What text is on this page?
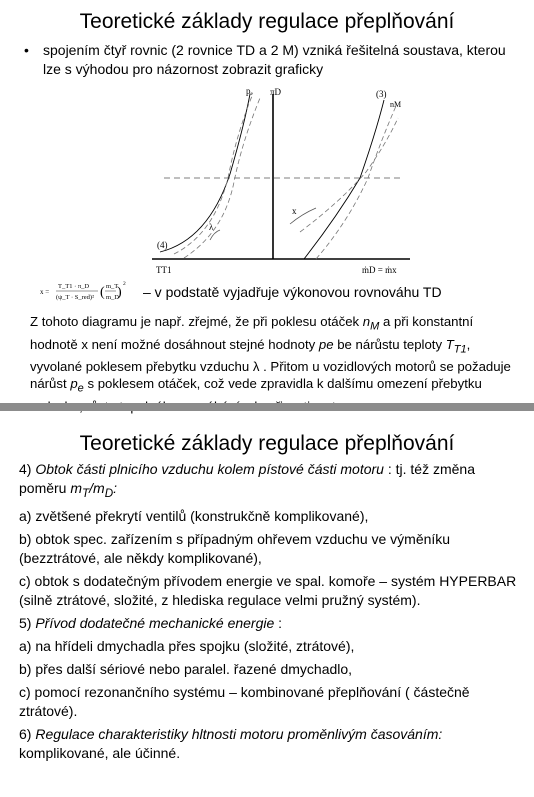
Teoretické základy regulace přeplňování
• spojením čtyř rovnic (2 rovnice TD a 2 M) vzniká řešitelná soustava, kterou lze s výhodou pro názornost zobrazit graficky
pₑ πD	(3)
nM
(4)
λ
x
TT1	ṁD = ṁx
x =
T_T1 · π_D
(ψ_T · S_red)² ( m_T
m_D
)
2 – v podstatě vyjadřuje výkonovou rovnováhu TD
Z tohoto diagramu je např. zřejmé, že při poklesu otáček $n_M$ a při konstantní hodnotě x není možné dosáhnout stejné hodnoty pe be nárůstu teploty $T_{T1}$, vyvolané poklesem přebytku vzduchu λ . Přitom u vozidlových motorů se požaduje nárůst $p_e$ s poklesem otáček, což vede zpravidla k dalšímu omezení přebytku
Teoretické základy regulace přeplňování

4) Obtok části plnicího vzduchu kolem pístové části motoru : tj. též změna poměru $m_T/m_D$:

a) zvětšené překrytí ventilů (konstrukčně komplikované),

b) obtok spec. zařízením s případným ohřevem vzduchu ve výměníku (bezztrátové, ale někdy komplikované),

c) obtok s dodatečným přívodem energie ve spal. komoře – systém HYPERBAR (silně ztrátové, složité, z hlediska regulace velmi pružný systém).

5) Přívod dodatečné mechanické energie :

a) na hřídeli dmychadla přes spojku (složité, ztrátové),

b) přes další sériové nebo paralel. řazené dmychadlo,

c) pomocí rezonančního systému – kombinované přeplňování ( částečně ztrátové).

6) Regulace charakteristiky hltnosti motoru proměnlivým časováním: komplikované, ale účinné.
